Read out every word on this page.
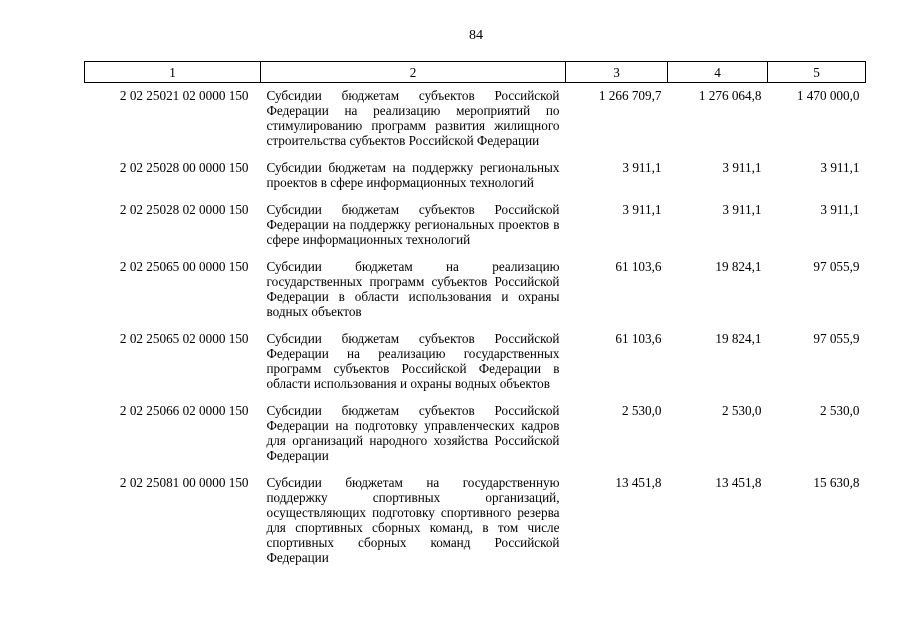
84
1	2	3	4	5
2 02 25021 02 0000 150	Субсидии бюджетам субъектов Российской Федерации на реализацию мероприятий по стимулированию программ развития жилищного строительства субъектов Российской Федерации	1 266 709,7	1 276 064,8	1 470 000,0
2 02 25028 00 0000 150	Субсидии бюджетам на поддержку региональных проектов в сфере информационных технологий	3 911,1	3 911,1	3 911,1
2 02 25028 02 0000 150	Субсидии бюджетам субъектов Российской Федерации на поддержку региональных проектов в сфере информационных технологий	3 911,1	3 911,1	3 911,1
2 02 25065 00 0000 150	Субсидии бюджетам на реализацию государственных программ субъектов Российской Федерации в области использования и охраны водных объектов	61 103,6	19 824,1	97 055,9
2 02 25065 02 0000 150	Субсидии бюджетам субъектов Российской Федерации на реализацию государственных программ субъектов Российской Федерации в области использования и охраны водных объектов	61 103,6	19 824,1	97 055,9
2 02 25066 02 0000 150	Субсидии бюджетам субъектов Российской Федерации на подготовку управленческих кадров для организаций народного хозяйства Российской Федерации	2 530,0	2 530,0	2 530,0
2 02 25081 00 0000 150	Субсидии бюджетам на государственную поддержку спортивных организаций, осуществляющих подготовку спортивного резерва для спортивных сборных команд, в том числе спортивных сборных команд Российской Федерации	13 451,8	13 451,8	15 630,8
